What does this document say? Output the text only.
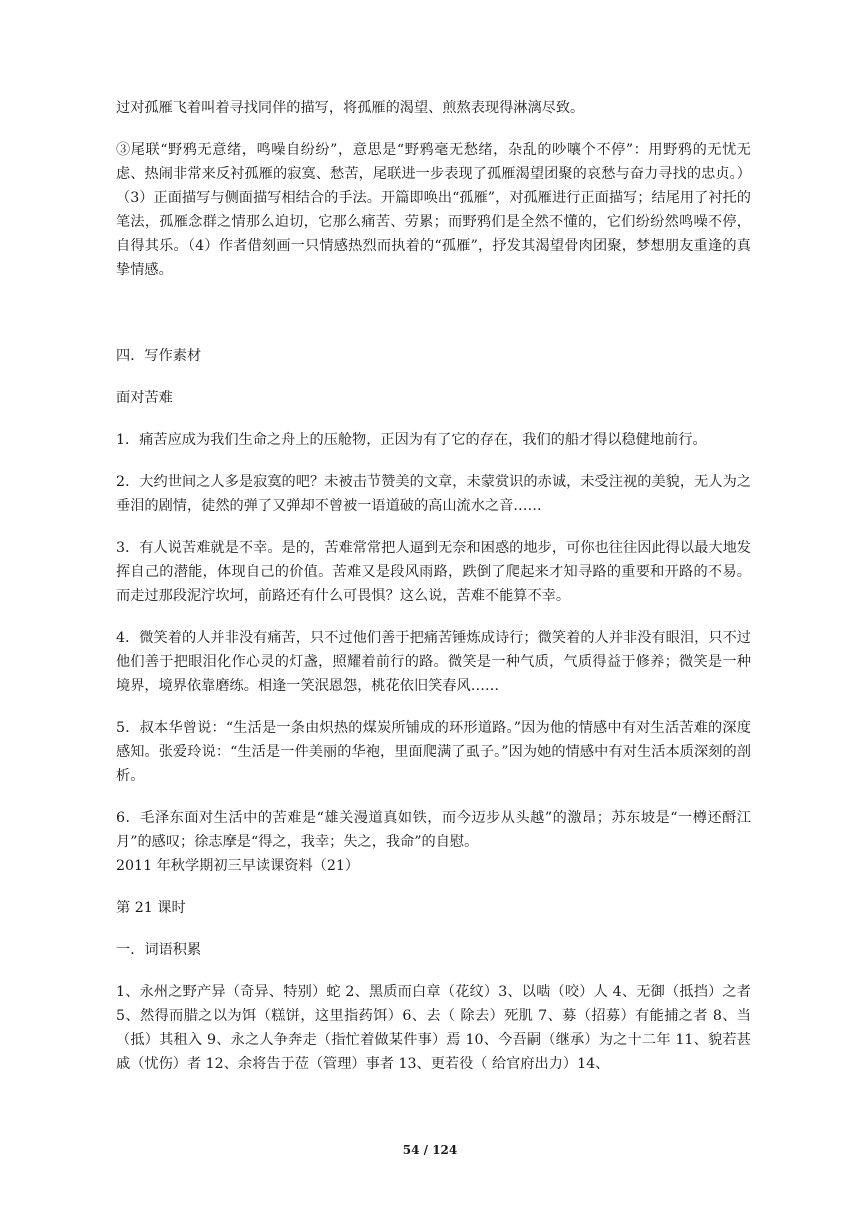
过对孤雁飞着叫着寻找同伴的描写，将孤雁的渴望、煎熬表现得淋漓尽致。

③尾联“野鸦无意绪，鸣噪自纷纷”，意思是“野鸦毫无愁绪，杂乱的吵嚷个不停”：用野鸦的无忧无虑、热闹非常来反衬孤雁的寂寞、愁苦，尾联进一步表现了孤雁渴望团聚的哀愁与奋力寻找的忠贞。）（3）正面描写与侧面描写相结合的手法。开篇即唤出“孤雁”，对孤雁进行正面描写；结尾用了衬托的笔法，孤雁念群之情那么迫切，它那么痛苦、劳累；而野鸦们是全然不懂的，它们纷纷然鸣噪不停，自得其乐。（4）作者借刻画一只情感热烈而执着的“孤雁”，抒发其渴望骨肉团聚，梦想朋友重逢的真挚情感。

四．写作素材

面对苦难

1．痛苦应成为我们生命之舟上的压舱物，正因为有了它的存在，我们的船才得以稳健地前行。

2．大约世间之人多是寂寞的吧？未被击节赞美的文章，未蒙赏识的赤诚，未受注视的美貌，无人为之垂泪的剧情，徒然的弹了又弹却不曾被一语道破的高山流水之音……

3．有人说苦难就是不幸。是的，苦难常常把人逼到无奈和困惑的地步，可你也往往因此得以最大地发挥自己的潜能，体现自己的价值。苦难又是段风雨路，跌倒了爬起来才知寻路的重要和开路的不易。而走过那段泥泞坎坷，前路还有什么可畏惧？这么说，苦难不能算不幸。

4．微笑着的人并非没有痛苦，只不过他们善于把痛苦锤炼成诗行；微笑着的人并非没有眼泪，只不过他们善于把眼泪化作心灵的灯盏，照耀着前行的路。微笑是一种气质，气质得益于修养；微笑是一种境界，境界依靠磨练。相逢一笑泯恩怨，桃花依旧笑春风……

5．叔本华曾说：“生活是一条由炽热的煤炭所铺成的环形道路。”因为他的情感中有对生活苦难的深度感知。张爱玲说：“生活是一件美丽的华袍，里面爬满了虱子。”因为她的情感中有对生活本质深刻的剖析。

6．毛泽东面对生活中的苦难是“雄关漫道真如铁，而今迈步从头越”的激昂；苏东坡是“一樽还酹江月”的感叹；徐志摩是“得之，我幸；失之，我命”的自慰。

2011 年秋学期初三早读课资料（21）

第 21 课时

一．词语积累

1、永州之野产异（奇异、特别）蛇 2、黑质而白章（花纹）3、以啮（咬）人 4、无御（抵挡）之者 5、然得而腊之以为饵（糕饼，这里指药饵）6、去（ 除去）死肌 7、募（招募）有能捕之者 8、当（抵）其租入 9、永之人争奔走（指忙着做某件事）焉 10、今吾嗣（继承）为之十二年 11、貌若甚戚（忧伤）者 12、余将告于莅（管理）事者 13、更若役（ 给官府出力）14、

54 / 124
